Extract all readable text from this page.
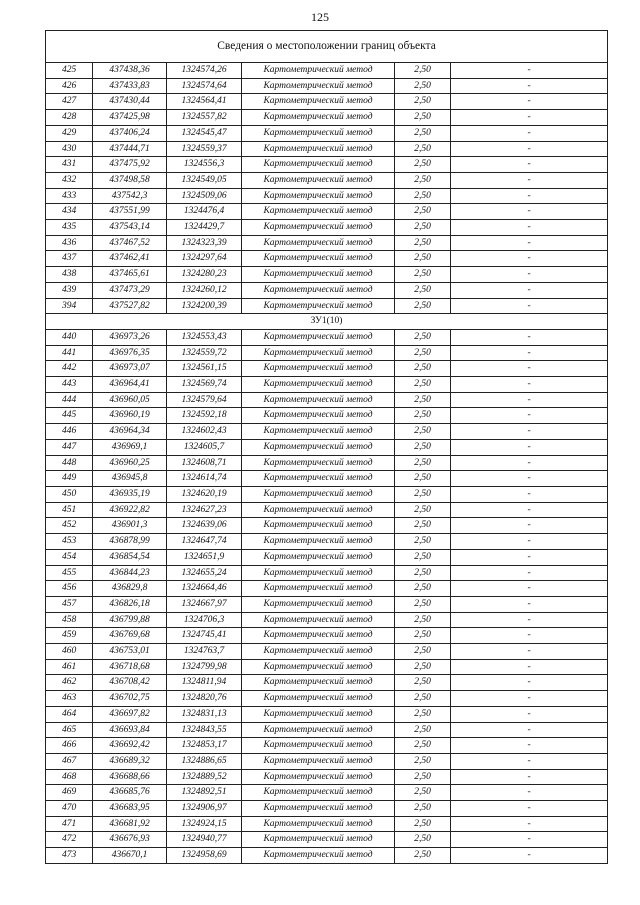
125
Сведения о местоположении границ объекта					
425	437438,36	1324574,26	Картометрический метод	2,50	-
426	437433,83	1324574,64	Картометрический метод	2,50	-
427	437430,44	1324564,41	Картометрический метод	2,50	-
428	437425,98	1324557,82	Картометрический метод	2,50	-
429	437406,24	1324545,47	Картометрический метод	2,50	-
430	437444,71	1324559,37	Картометрический метод	2,50	-
431	437475,92	1324556,3	Картометрический метод	2,50	-
432	437498,58	1324549,05	Картометрический метод	2,50	-
433	437542,3	1324509,06	Картометрический метод	2,50	-
434	437551,99	1324476,4	Картометрический метод	2,50	-
435	437543,14	1324429,7	Картометрический метод	2,50	-
436	437467,52	1324323,39	Картометрический метод	2,50	-
437	437462,41	1324297,64	Картометрический метод	2,50	-
438	437465,61	1324280,23	Картометрический метод	2,50	-
439	437473,29	1324260,12	Картометрический метод	2,50	-
394	437527,82	1324200,39	Картометрический метод	2,50	-
ЗУ1(10)					
440	436973,26	1324553,43	Картометрический метод	2,50	-
441	436976,35	1324559,72	Картометрический метод	2,50	-
442	436973,07	1324561,15	Картометрический метод	2,50	-
443	436964,41	1324569,74	Картометрический метод	2,50	-
444	436960,05	1324579,64	Картометрический метод	2,50	-
445	436960,19	1324592,18	Картометрический метод	2,50	-
446	436964,34	1324602,43	Картометрический метод	2,50	-
447	436969,1	1324605,7	Картометрический метод	2,50	-
448	436960,25	1324608,71	Картометрический метод	2,50	-
449	436945,8	1324614,74	Картометрический метод	2,50	-
450	436935,19	1324620,19	Картометрический метод	2,50	-
451	436922,82	1324627,23	Картометрический метод	2,50	-
452	436901,3	1324639,06	Картометрический метод	2,50	-
453	436878,99	1324647,74	Картометрический метод	2,50	-
454	436854,54	1324651,9	Картометрический метод	2,50	-
455	436844,23	1324655,24	Картометрический метод	2,50	-
456	436829,8	1324664,46	Картометрический метод	2,50	-
457	436826,18	1324667,97	Картометрический метод	2,50	-
458	436799,88	1324706,3	Картометрический метод	2,50	-
459	436769,68	1324745,41	Картометрический метод	2,50	-
460	436753,01	1324763,7	Картометрический метод	2,50	-
461	436718,68	1324799,98	Картометрический метод	2,50	-
462	436708,42	1324811,94	Картометрический метод	2,50	-
463	436702,75	1324820,76	Картометрический метод	2,50	-
464	436697,82	1324831,13	Картометрический метод	2,50	-
465	436693,84	1324843,55	Картометрический метод	2,50	-
466	436692,42	1324853,17	Картометрический метод	2,50	-
467	436689,32	1324886,65	Картометрический метод	2,50	-
468	436688,66	1324889,52	Картометрический метод	2,50	-
469	436685,76	1324892,51	Картометрический метод	2,50	-
470	436683,95	1324906,97	Картометрический метод	2,50	-
471	436681,92	1324924,15	Картометрический метод	2,50	-
472	436676,93	1324940,77	Картометрический метод	2,50	-
473	436670,1	1324958,69	Картометрический метод	2,50	-
